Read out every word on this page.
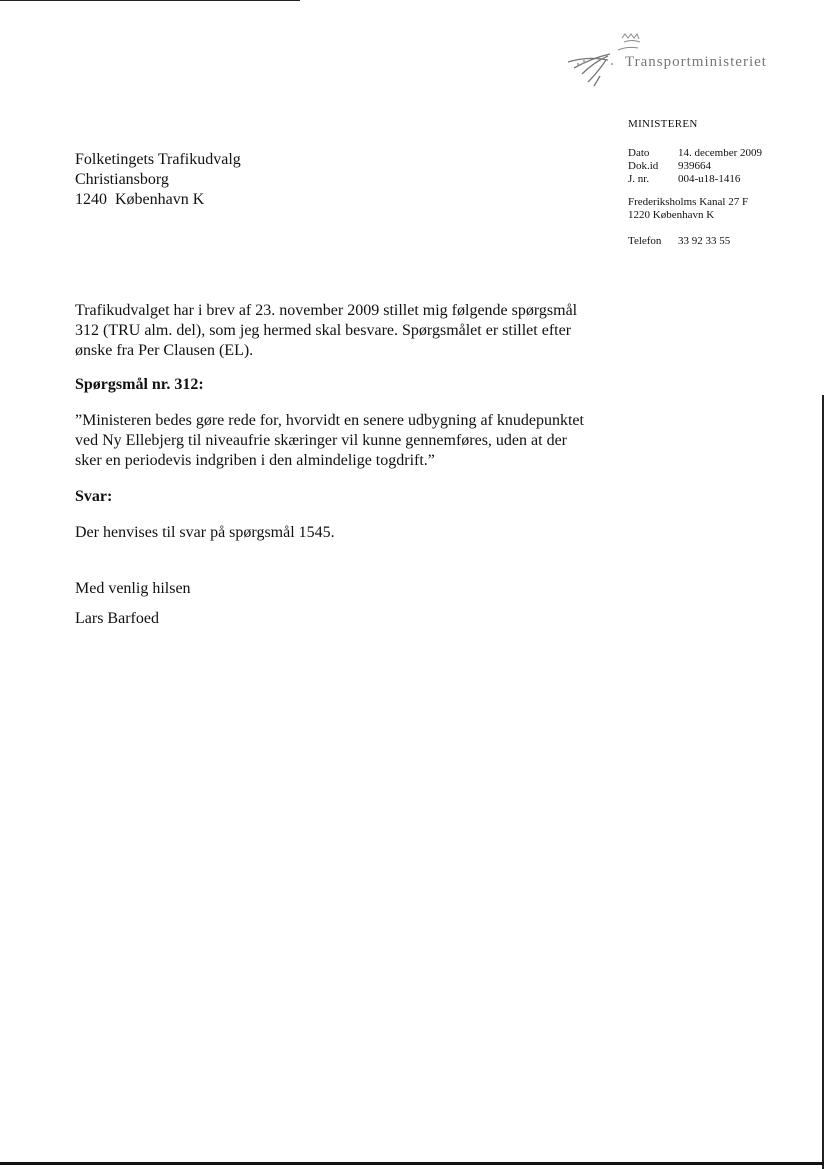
Transportministeriet
MINISTEREN
Dato	14. december 2009
Dok.id	939664
J. nr.	004-u18-1416
Frederiksholms Kanal 27 F
1220 København K
Telefon	33 92 33 55
Folketingets Trafikudvalg
Christiansborg
1240  København K

Trafikudvalget har i brev af 23. november 2009 stillet mig følgende spørgsmål 312 (TRU alm. del), som jeg hermed skal besvare. Spørgsmålet er stillet efter ønske fra Per Clausen (EL).

Spørgsmål nr. 312:

”Ministeren bedes gøre rede for, hvorvidt en senere udbygning af knudepunktet ved Ny Ellebjerg til niveaufrie skæringer vil kunne gennemføres, uden at der sker en periodevis indgriben i den almindelige togdrift.”

Svar:

Der henvises til svar på spørgsmål 1545.

Med venlig hilsen

Lars Barfoed
